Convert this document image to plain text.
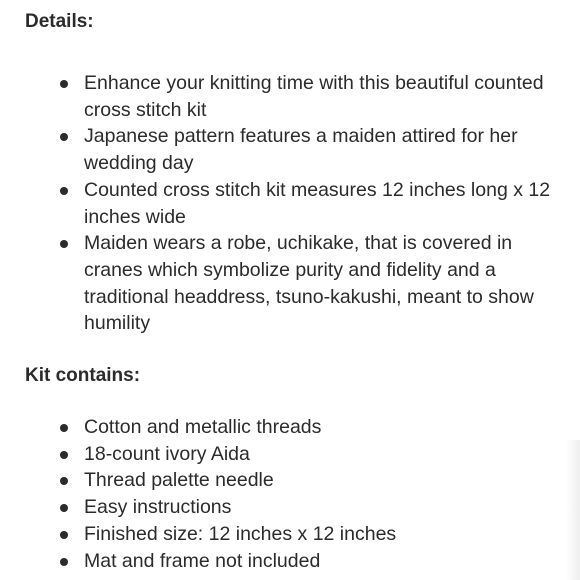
Details:
Enhance your knitting time with this beautiful counted cross stitch kit
Japanese pattern features a maiden attired for her wedding day
Counted cross stitch kit measures 12 inches long x 12 inches wide
Maiden wears a robe, uchikake, that is covered in cranes which symbolize purity and fidelity and a traditional headdress, tsuno-kakushi, meant to show humility
Kit contains:
Cotton and metallic threads
18-count ivory Aida
Thread palette needle
Easy instructions
Finished size: 12 inches x 12 inches
Mat and frame not included
